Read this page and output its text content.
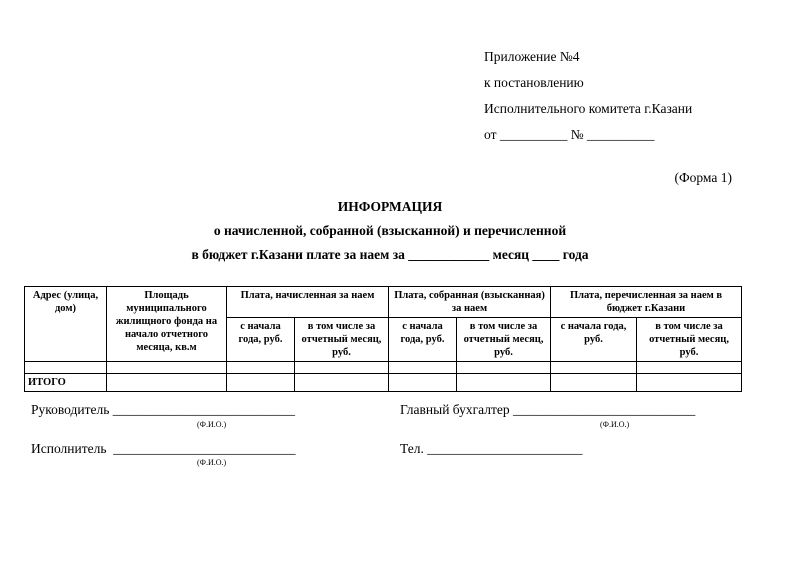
Приложение №4
к постановлению
Исполнительного комитета г.Казани
от __________ № __________
(Форма 1)
ИНФОРМАЦИЯ
о начисленной, собранной (взысканной) и перечисленной
в бюджет г.Казани плате за наем за ____________ месяц ____ года
Адрес (улица, дом)	Площадь муниципального жилищного фонда на начало отчетного месяца, кв.м	Плата, начисленная за наем		Плата, собранная (взысканная) за наем		Плата, перечисленная за наем в бюджет г.Казани	
		с начала года, руб.	в том числе за отчетный месяц, руб.	с начала года, руб.	в том числе за отчетный месяц, руб.	с начала года, руб.	в том числе за отчетный месяц, руб.

ИТОГО							
Руководитель ___________________________
(Ф.И.О.)
Главный бухгалтер ___________________________
(Ф.И.О.)
Исполнитель  ___________________________
(Ф.И.О.)
Тел. _______________________
